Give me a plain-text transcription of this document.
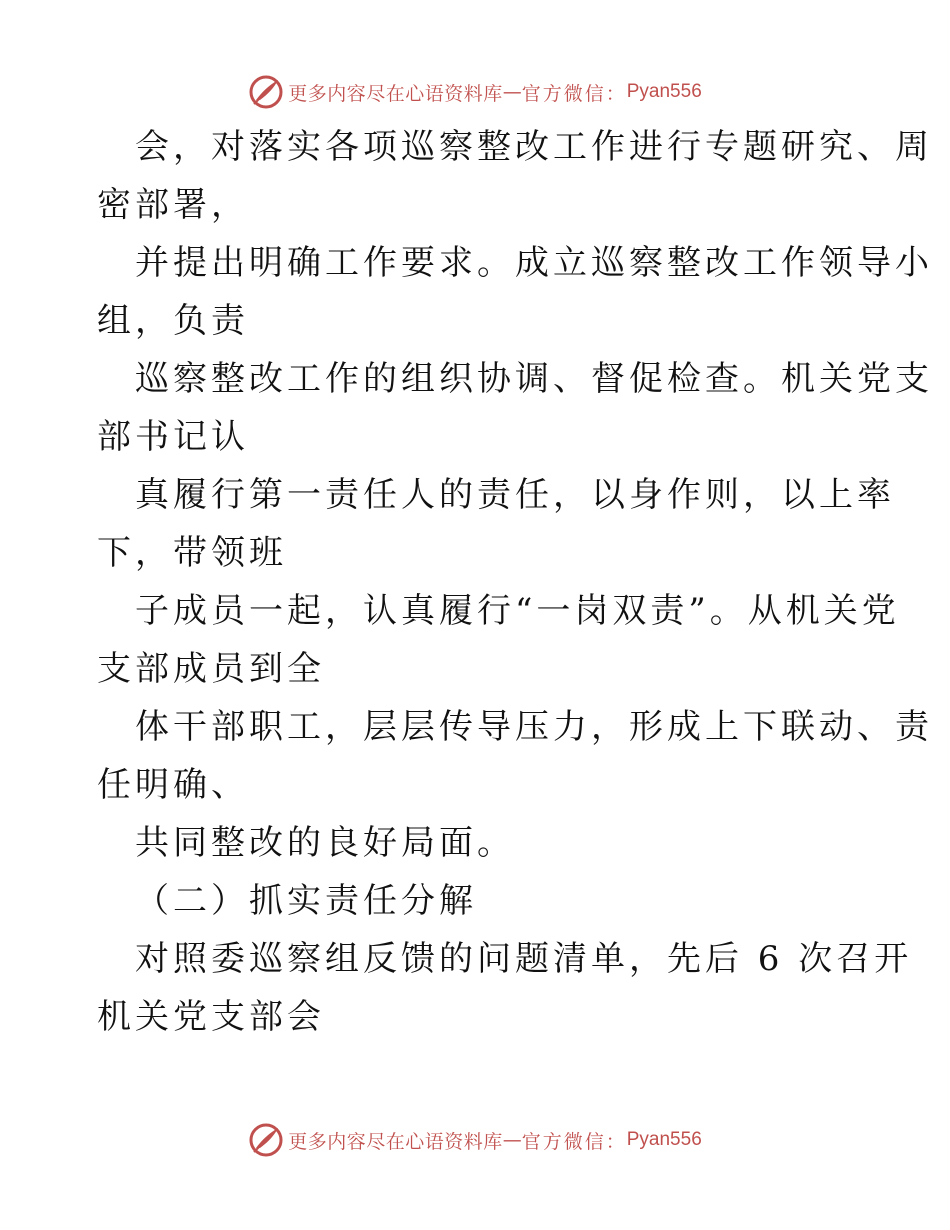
更多内容尽在心语资料库 — 官方微信： Pyan556
会，对落实各项巡察整改工作进行专题研究、周
密部署，
并提出明确工作要求。成立巡察整改工作领导小
组，负责
巡察整改工作的组织协调、督促检查。机关党支
部书记认
真履行第一责任人的责任，以身作则，以上率
下，带领班
子成员一起，认真履行“一岗双责”。从机关党
支部成员到全
体干部职工，层层传导压力，形成上下联动、责
任明确、
共同整改的良好局面。
（二）抓实责任分解
对照委巡察组反馈的问题清单，先后 6 次召开
机关党支部会
更多内容尽在心语资料库 — 官方微信： Pyan556
